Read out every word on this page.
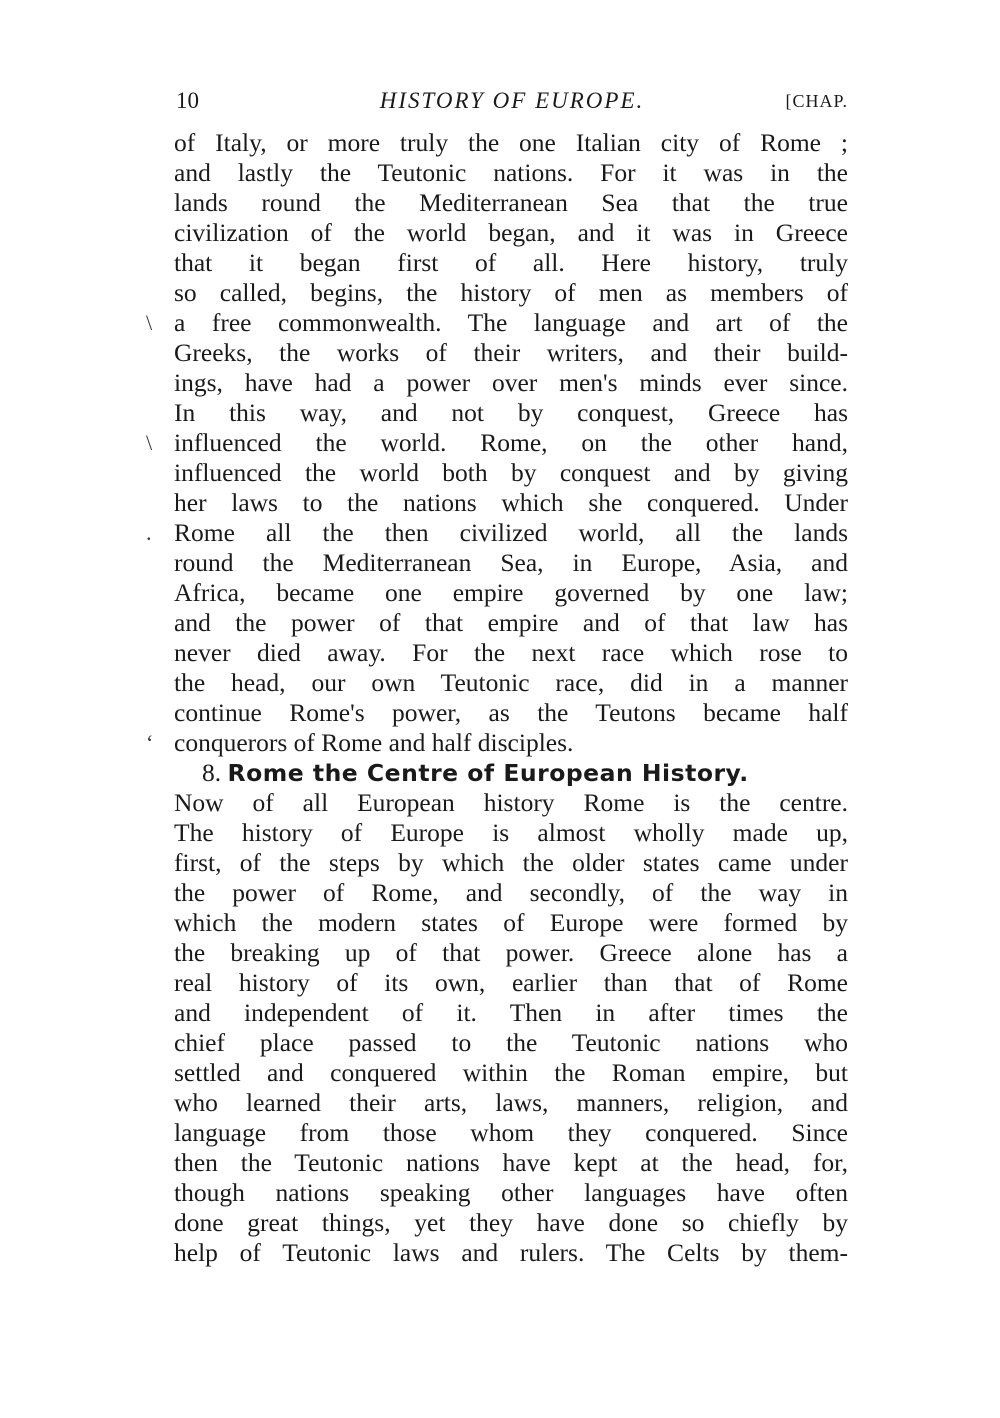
10	HISTORY OF EUROPE.	[CHAP.
of Italy, or more truly the one Italian city of Rome ;
and lastly the Teutonic nations. For it was in the
lands round the Mediterranean Sea that the true
civilization of the world began, and it was in Greece
that it began first of all. Here history, truly
so called, begins, the history of men as members of
\ a free commonwealth. The language and art of the
Greeks, the works of their writers, and their build-
ings, have had a power over men's minds ever since.
In this way, and not by conquest, Greece has
\ influenced the world. Rome, on the other hand,
influenced the world both by conquest and by giving
her laws to the nations which she conquered. Under
. Rome all the then civilized world, all the lands
round the Mediterranean Sea, in Europe, Asia, and
Africa, became one empire governed by one law;
and the power of that empire and of that law has
never died away. For the next race which rose to
the head, our own Teutonic race, did in a manner
continue Rome's power, as the Teutons became half
ʻ conquerors of Rome and half disciples.
8. Rome the Centre of European History.
Now of all European history Rome is the centre.
The history of Europe is almost wholly made up,
first, of the steps by which the older states came under
the power of Rome, and secondly, of the way in
which the modern states of Europe were formed by
the breaking up of that power. Greece alone has a
real history of its own, earlier than that of Rome
and independent of it. Then in after times the
chief place passed to the Teutonic nations who
settled and conquered within the Roman empire, but
who learned their arts, laws, manners, religion, and
language from those whom they conquered. Since
then the Teutonic nations have kept at the head, for,
though nations speaking other languages have often
done great things, yet they have done so chiefly by
help of Teutonic laws and rulers. The Celts by them-
